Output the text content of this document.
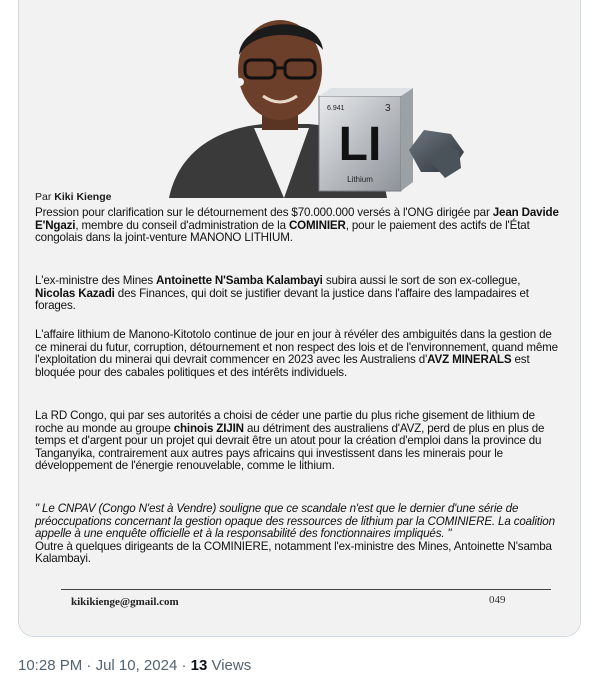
6.941	3
LI
Lithium
Par Kiki Kienge
Pression pour clarification sur le détournement des $70.000.000 versés à l'ONG dirigée par Jean Davide E'Ngazi, membre du conseil d'administration de la COMINIER, pour le paiement des actifs de l'État congolais dans la joint-venture MANONO LITHIUM.
L'ex-ministre des Mines Antoinette N'Samba Kalambayi subira aussi le sort de son ex-collegue, Nicolas Kazadi des Finances, qui doit se justifier devant la justice dans l'affaire des lampadaires et forages.
L'affaire lithium de Manono-Kitotolo continue de jour en jour à révéler des ambiguités dans la gestion de ce minerai du futur, corruption, détournement et non respect des lois et de l'environnement, quand même l'exploitation du minerai qui devrait commencer en 2023 avec les Australiens d'AVZ MINERALS est bloquée pour des cabales politiques et des intérêts individuels.
La RD Congo, qui par ses autorités a choisi de céder une partie du plus riche gisement de lithium de roche au monde au groupe chinois ZIJIN au détriment des australiens d'AVZ, perd de plus en plus de temps et d'argent pour un projet qui devrait être un atout pour la création d'emploi dans la province du Tanganyika, contrairement aux autres pays africains qui investissent dans les minerais pour le développement de l'énergie renouvelable, comme le lithium.
" Le CNPAV (Congo N'est à Vendre) souligne que ce scandale n'est que le dernier d'une série de préoccupations concernant la gestion opaque des ressources de lithium par la COMINIERE. La coalition appelle à une enquête officielle et à la responsabilité des fonctionnaires impliqués. "
Outre à quelques dirigeants de la COMINIERE, notamment l'ex-ministre des Mines, Antoinette N'samba Kalambayi.
kikikienge@gmail.com	049
10:28 PM · Jul 10, 2024 · 13 Views
